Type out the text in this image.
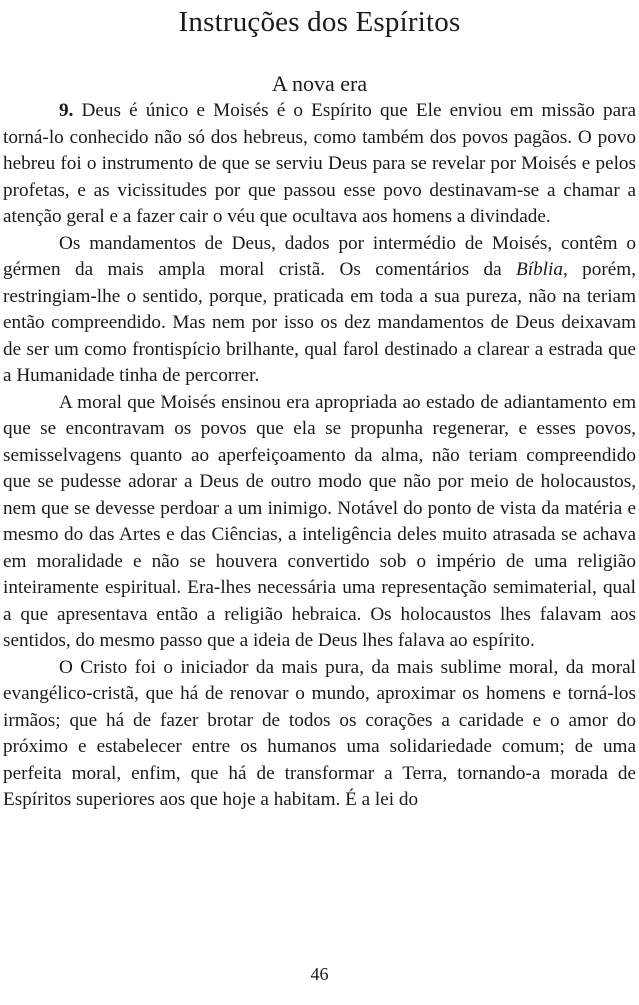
Instruções dos Espíritos
A nova era

9. Deus é único e Moisés é o Espírito que Ele enviou em missão para torná-lo conhecido não só dos hebreus, como também dos povos pagãos. O povo hebreu foi o instrumento de que se serviu Deus para se revelar por Moisés e pelos profetas, e as vicissitudes por que passou esse povo destinavam-se a chamar a atenção geral e a fazer cair o véu que ocultava aos homens a divindade.

Os mandamentos de Deus, dados por intermédio de Moisés, contêm o gérmen da mais ampla moral cristã. Os comentários da Bíblia, porém, restringiam-lhe o sentido, porque, praticada em toda a sua pureza, não na teriam então compreendido. Mas nem por isso os dez mandamentos de Deus deixavam de ser um como frontispício brilhante, qual farol destinado a clarear a estrada que a Humanidade tinha de percorrer.

A moral que Moisés ensinou era apropriada ao estado de adiantamento em que se encontravam os povos que ela se propunha regenerar, e esses povos, semisselvagens quanto ao aperfeiçoamento da alma, não teriam compreendido que se pudesse adorar a Deus de outro modo que não por meio de holocaustos, nem que se devesse perdoar a um inimigo. Notável do ponto de vista da matéria e mesmo do das Artes e das Ciências, a inteligência deles muito atrasada se achava em moralidade e não se houvera convertido sob o império de uma religião inteiramente espiritual. Era-lhes necessária uma representação semimaterial, qual a que apresentava então a religião hebraica. Os holocaustos lhes falavam aos sentidos, do mesmo passo que a ideia de Deus lhes falava ao espírito.

O Cristo foi o iniciador da mais pura, da mais sublime moral, da moral evangélico-cristã, que há de renovar o mundo, aproximar os homens e torná-los irmãos; que há de fazer brotar de todos os corações a caridade e o amor do próximo e estabelecer entre os humanos uma solidariedade comum; de uma perfeita moral, enfim, que há de transformar a Terra, tornando-a morada de Espíritos superiores aos que hoje a habitam. É a lei do

46
